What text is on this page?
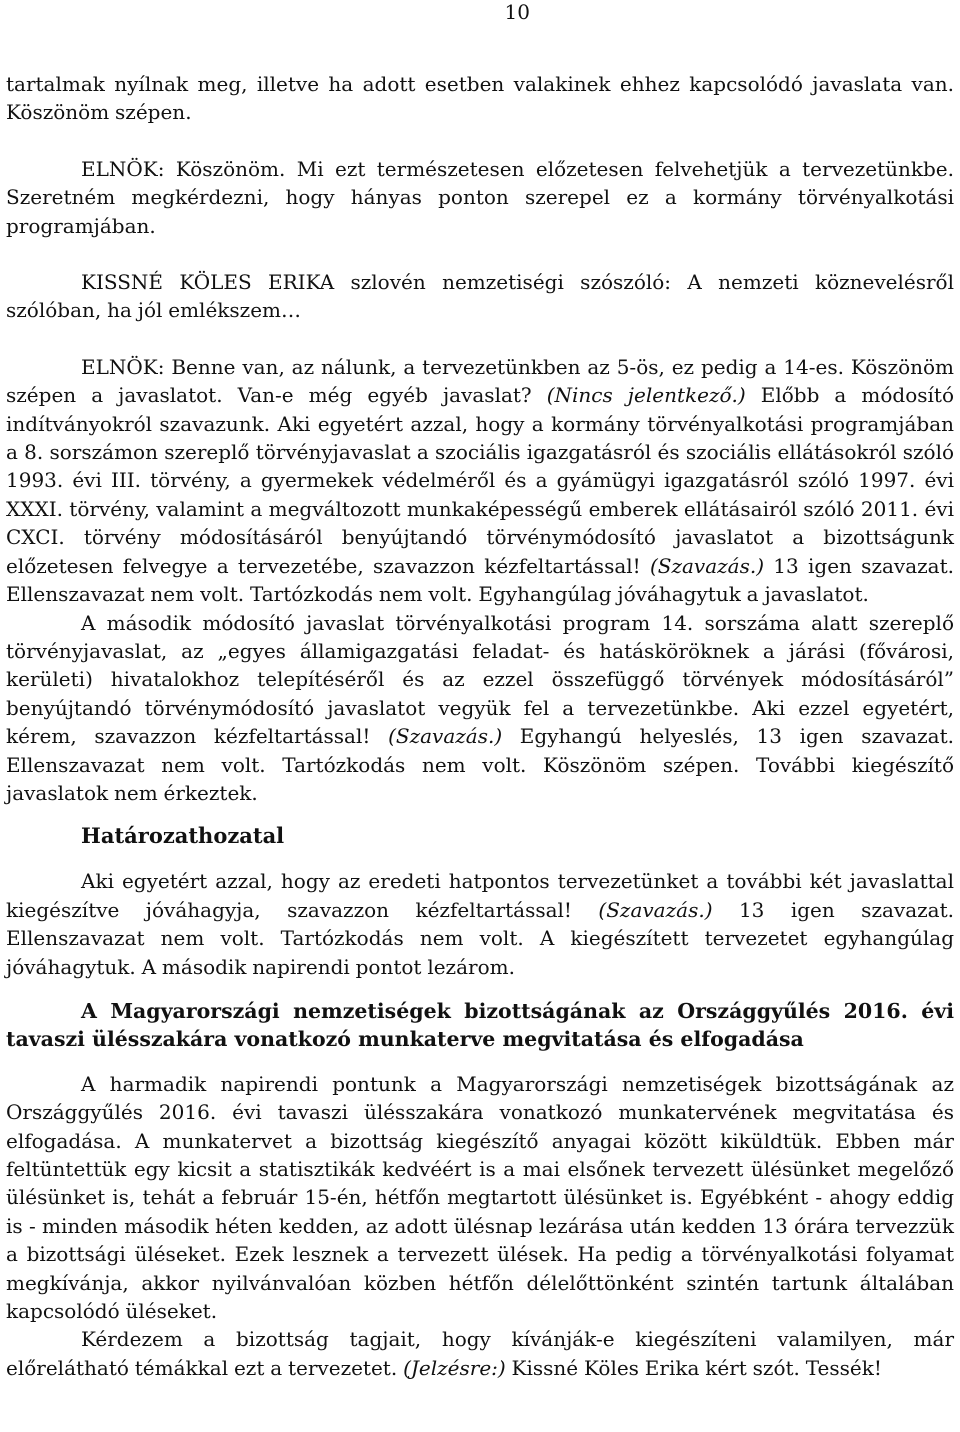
10

tartalmak nyílnak meg, illetve ha adott esetben valakinek ehhez kapcsolódó javaslata van. Köszönöm szépen.

ELNÖK: Köszönöm. Mi ezt természetesen előzetesen felvehetjük a tervezetünkbe. Szeretném megkérdezni, hogy hányas ponton szerepel ez a kormány törvényalkotási programjában.

KISSNÉ KÖLES ERIKA szlovén nemzetiségi szószóló: A nemzeti köznevelésről szólóban, ha jól emlékszem…

ELNÖK: Benne van, az nálunk, a tervezetünkben az 5-ös, ez pedig a 14-es. Köszönöm szépen a javaslatot. Van-e még egyéb javaslat? (Nincs jelentkező.) Előbb a módosító indítványokról szavazunk. Aki egyetért azzal, hogy a kormány törvényalkotási programjában a 8. sorszámon szereplő törvényjavaslat a szociális igazgatásról és szociális ellátásokról szóló 1993. évi III. törvény, a gyermekek védelméről és a gyámügyi igazgatásról szóló 1997. évi XXXI. törvény, valamint a megváltozott munkaképességű emberek ellátásairól szóló 2011. évi CXCI. törvény módosításáról benyújtandó törvénymódosító javaslatot a bizottságunk előzetesen felvegye a tervezetébe, szavazzon kézfeltartással! (Szavazás.) 13 igen szavazat. Ellenszavazat nem volt. Tartózkodás nem volt. Egyhangúlag jóváhagytuk a javaslatot.

A második módosító javaslat törvényalkotási program 14. sorszáma alatt szereplő törvényjavaslat, az „egyes államigazgatási feladat- és hatásköröknek a járási (fővárosi, kerületi) hivatalokhoz telepítéséről és az ezzel összefüggő törvények módosításáról” benyújtandó törvénymódosító javaslatot vegyük fel a tervezetünkbe. Aki ezzel egyetért, kérem, szavazzon kézfeltartással! (Szavazás.) Egyhangú helyeslés, 13 igen szavazat. Ellenszavazat nem volt. Tartózkodás nem volt. Köszönöm szépen. További kiegészítő javaslatok nem érkeztek.

Határozathozatal

Aki egyetért azzal, hogy az eredeti hatpontos tervezetünket a további két javaslattal kiegészítve jóváhagyja, szavazzon kézfeltartással! (Szavazás.) 13 igen szavazat. Ellenszavazat nem volt. Tartózkodás nem volt. A kiegészített tervezetet egyhangúlag jóváhagytuk. A második napirendi pontot lezárom.

A Magyarországi nemzetiségek bizottságának az Országgyűlés 2016. évi tavaszi ülésszakára vonatkozó munkaterve megvitatása és elfogadása

A harmadik napirendi pontunk a Magyarországi nemzetiségek bizottságának az Országgyűlés 2016. évi tavaszi ülésszakára vonatkozó munkatervének megvitatása és elfogadása. A munkatervet a bizottság kiegészítő anyagai között kiküldtük. Ebben már feltüntettük egy kicsit a statisztikák kedvéért is a mai elsőnek tervezett ülésünket megelőző ülésünket is, tehát a február 15-én, hétfőn megtartott ülésünket is. Egyébként - ahogy eddig is - minden második héten kedden, az adott ülésnap lezárása után kedden 13 órára tervezzük a bizottsági üléseket. Ezek lesznek a tervezett ülések. Ha pedig a törvényalkotási folyamat megkívánja, akkor nyilvánvalóan közben hétfőn délelőttönként szintén tartunk általában kapcsolódó üléseket.

Kérdezem a bizottság tagjait, hogy kívánják-e kiegészíteni valamilyen, már előrelátható témákkal ezt a tervezetet. (Jelzésre:) Kissné Köles Erika kért szót. Tessék!
